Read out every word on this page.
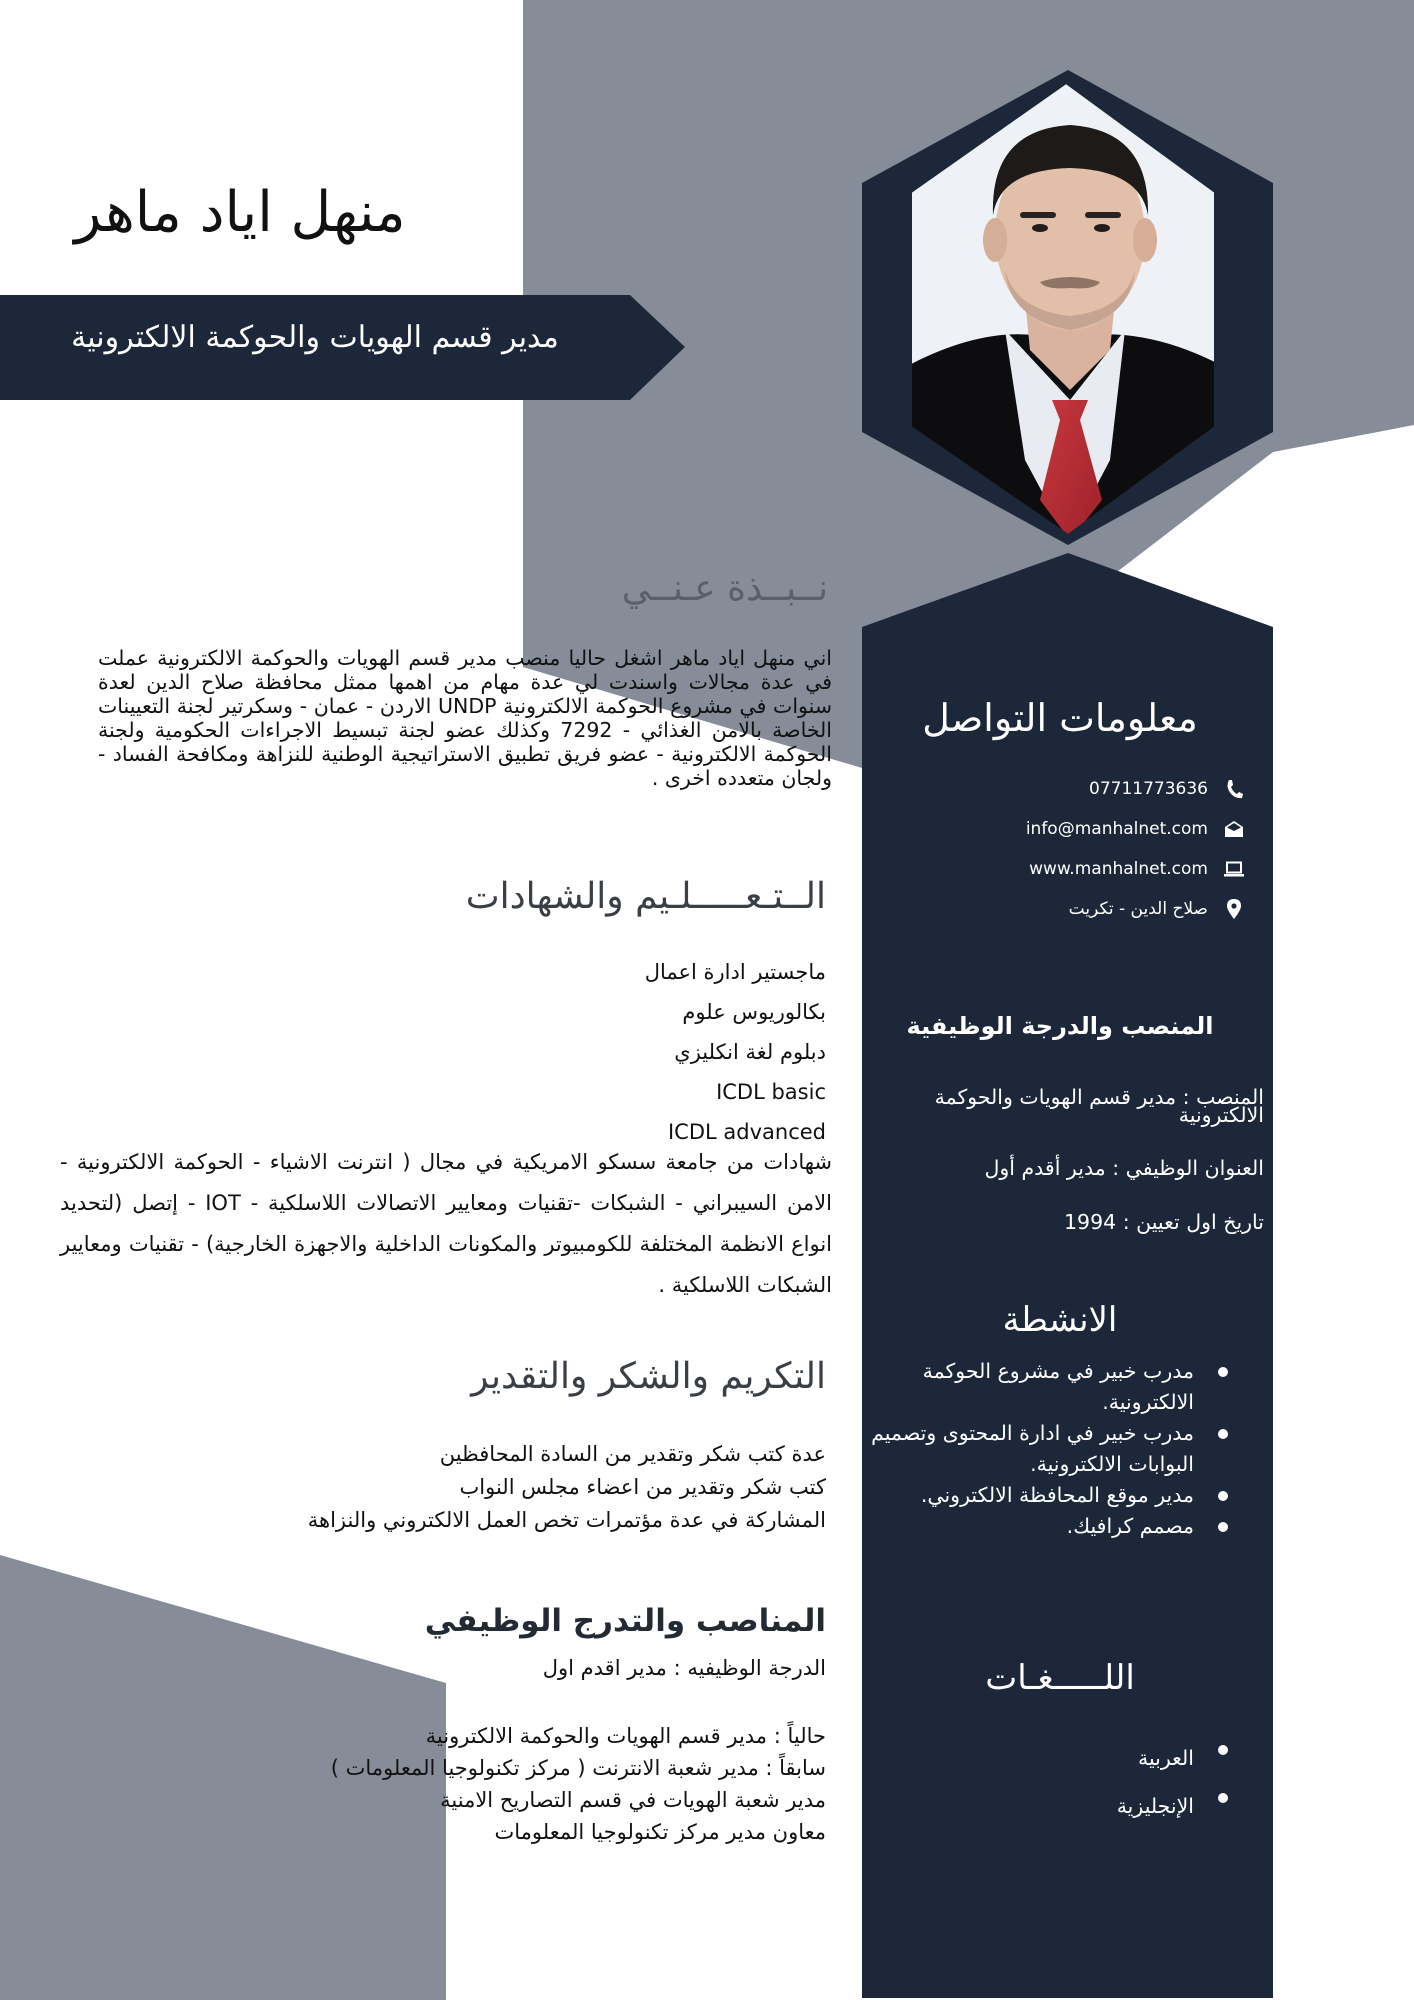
منهل اياد ماهر
مدير قسم الهويات والحوكمة الالكترونية
نــبــذة عـنــي
اني منهل اياد ماهر اشغل حاليا منصب مدير قسم الهويات والحوكمة الالكترونية عملت في عدة مجالات واسندت لي عدة مهام من اهمها ممثل محافظة صلاح الدين لعدة سنوات في مشروع الحوكمة الالكترونية UNDP الاردن - عمان - وسكرتير لجنة التعيينات الخاصة بالامن الغذائي - 7292 وكذلك عضو لجنة تبسيط الاجراءات الحكومية ولجنة الحوكمة الالكترونية - عضو فريق تطبيق الاستراتيجية الوطنية للنزاهة ومكافحة الفساد - ولجان متعدده اخرى .
الــتـعـــــلـيم والشهادات
ماجستير ادارة اعمال
بكالوريوس علوم
دبلوم لغة انكليزي
ICDL basic
ICDL advanced
شهادات من جامعة سسكو الامريكية في مجال ( انترنت الاشياء - الحوكمة الالكترونية - الامن السيبراني - الشبكات -تقنيات ومعايير الاتصالات اللاسلكية - IOT - إتصل (لتحديد انواع الانظمة المختلفة للكومبيوتر والمكونات الداخلية والاجهزة الخارجية) - تقنيات ومعايير الشبكات اللاسلكية .
التكريم والشكر والتقدير
عدة كتب شكر وتقدير من السادة المحافظين
كتب شكر وتقدير من اعضاء مجلس النواب
المشاركة في عدة مؤتمرات تخص العمل الالكتروني والنزاهة
المناصب والتدرج الوظيفي
الدرجة الوظيفيه : مدير اقدم اول
حالياً : مدير قسم الهويات والحوكمة الالكترونية
سابقاً : مدير شعبة الانترنت ( مركز تكنولوجيا المعلومات )
مدير شعبة الهويات في قسم التصاريح الامنية
معاون مدير مركز تكنولوجيا المعلومات
معلومات التواصل
07711773636
info@manhalnet.com
www.manhalnet.com
صلاح الدين - تكريت
المنصب والدرجة الوظيفية
المنصب : مدير قسم الهويات والحوكمة الالكترونية
العنوان الوظيفي : مدير أقدم أول
تاريخ اول تعيين : 1994
الانشطة
مدرب خبير في مشروع الحوكمة الالكترونية.
مدرب خبير في ادارة المحتوى وتصميم البوابات الالكترونية.
مدير موقع المحافظة الالكتروني.
مصمم كرافيك.
اللـــــغـات
العربية
الإنجليزية
